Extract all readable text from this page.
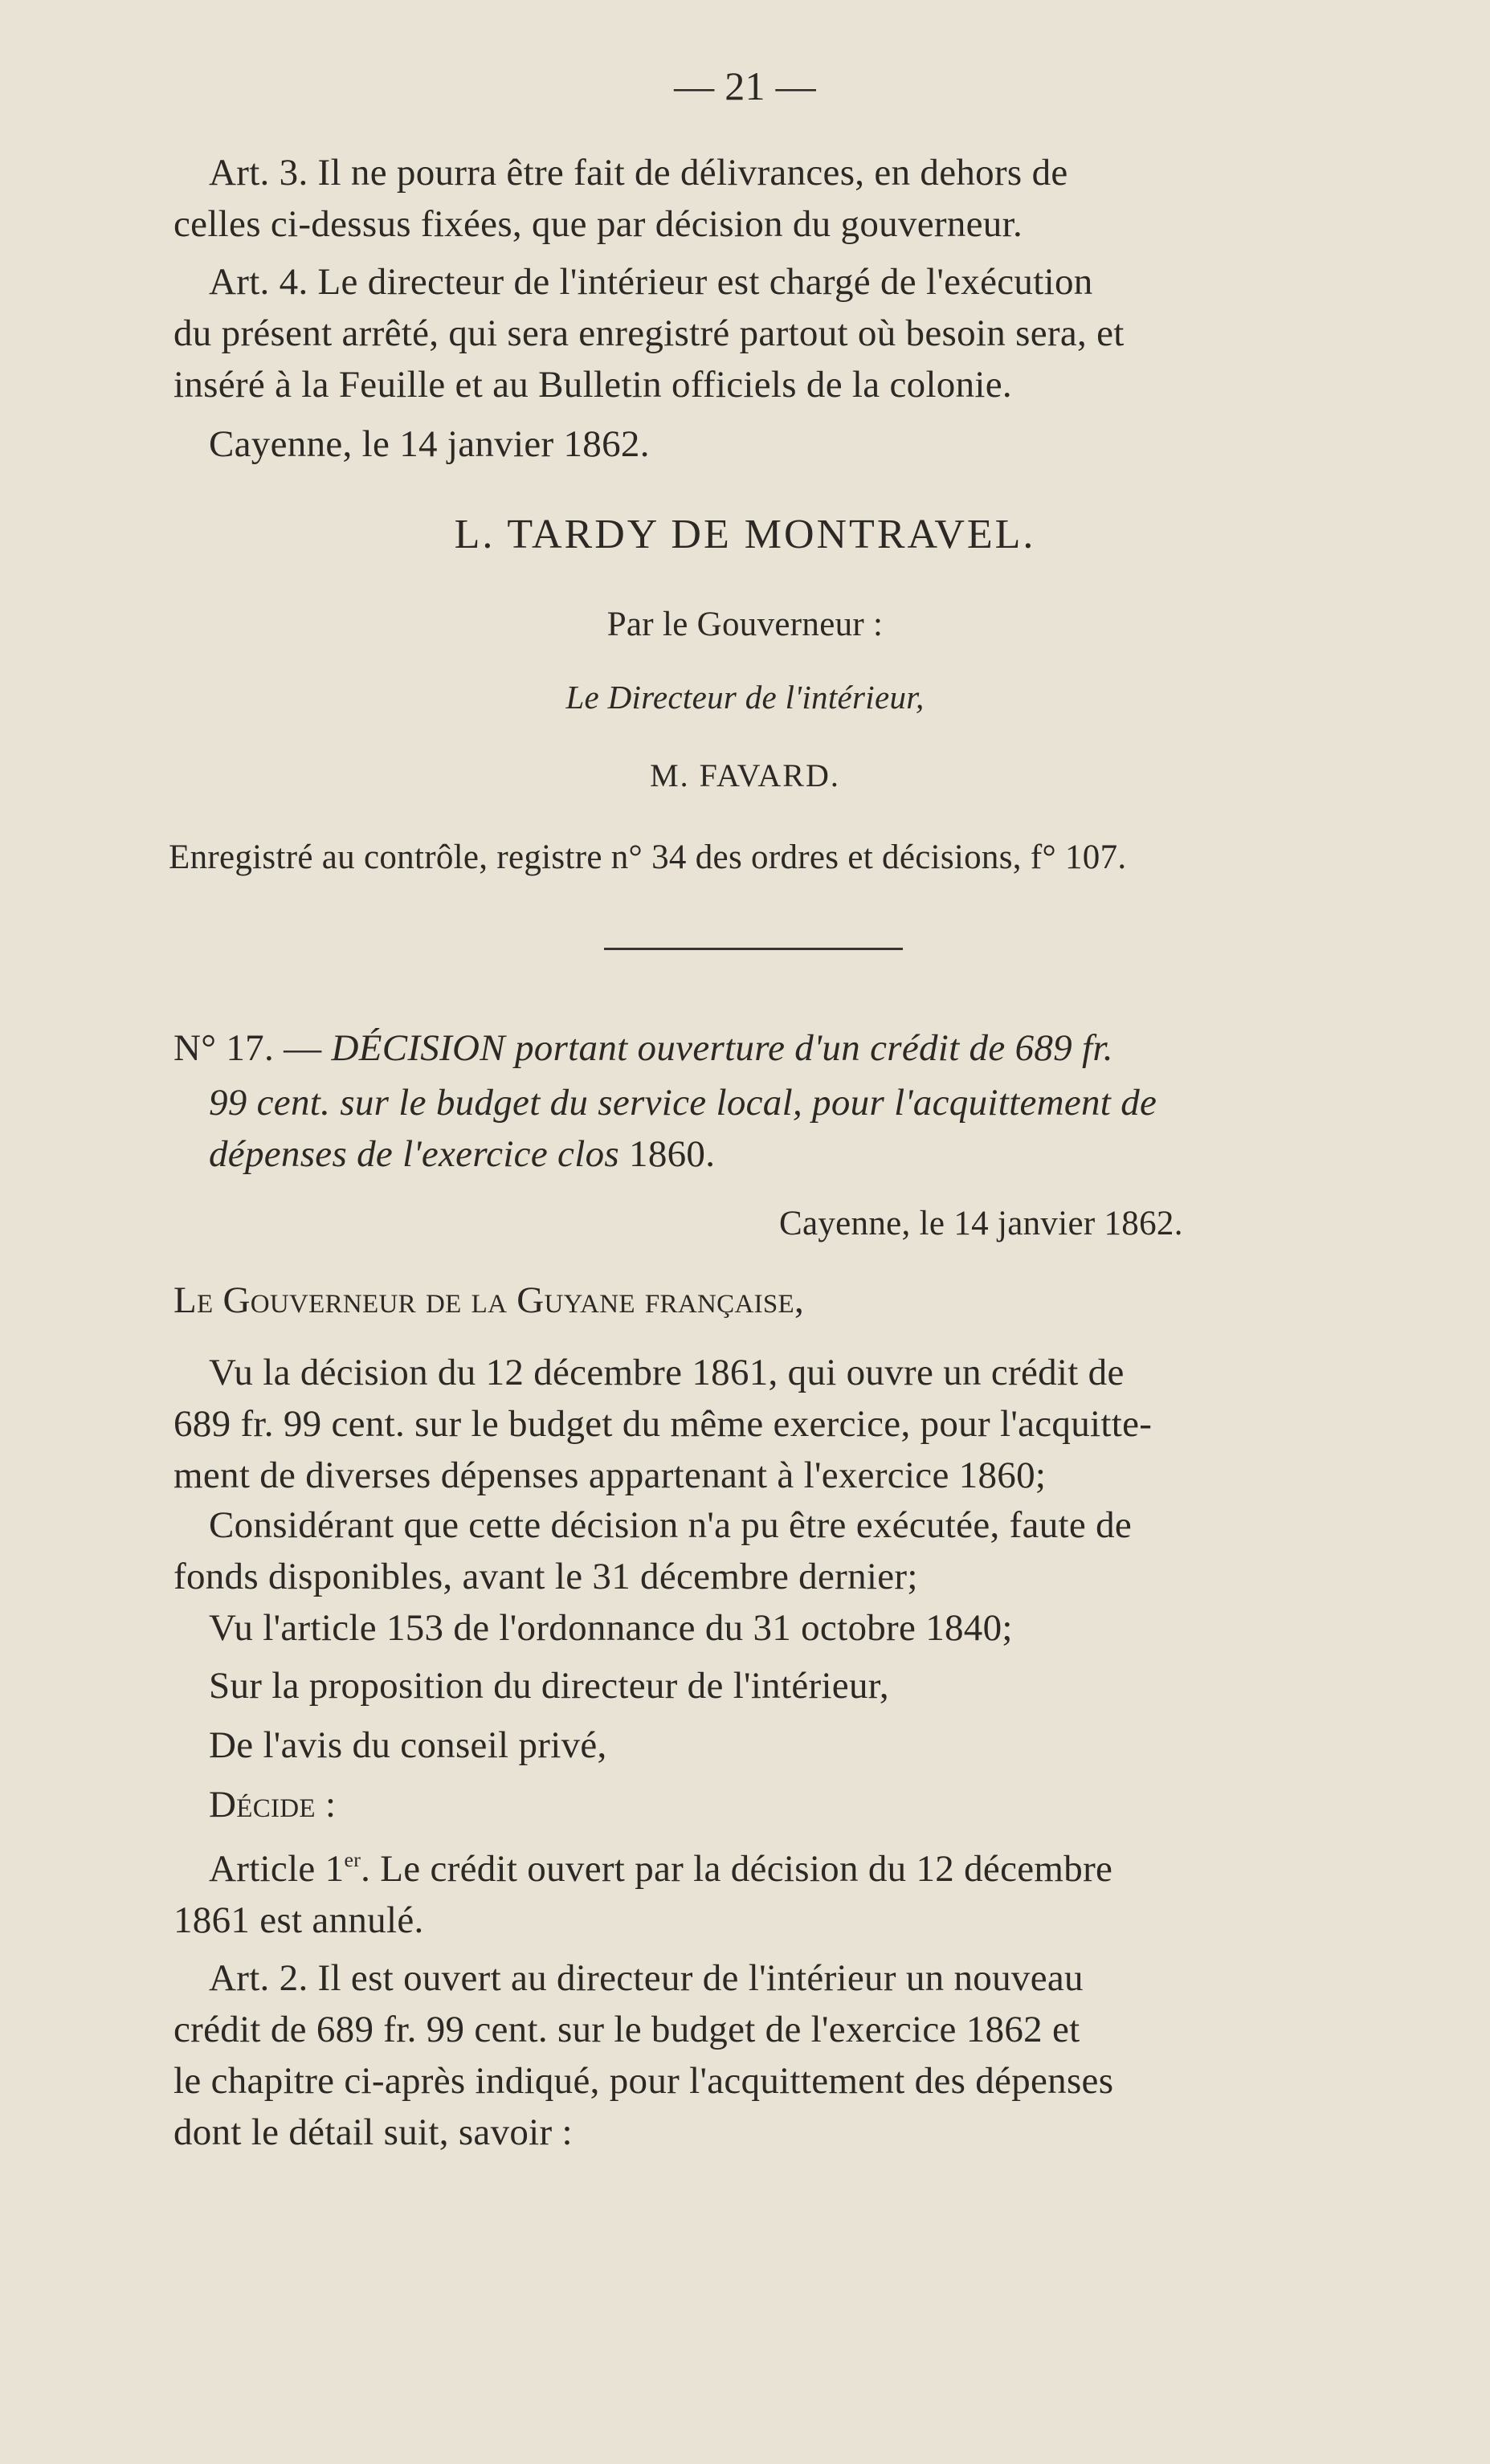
— 21 —
Art. 3. Il ne pourra être fait de délivrances, en dehors de
celles ci-dessus fixées, que par décision du gouverneur.
Art. 4. Le directeur de l'intérieur est chargé de l'exécution
du présent arrêté, qui sera enregistré partout où besoin sera, et
inséré à la Feuille et au Bulletin officiels de la colonie.
Cayenne, le 14 janvier 1862.
L. TARDY DE MONTRAVEL.
Par le Gouverneur :
Le Directeur de l'intérieur,
M. FAVARD.
Enregistré au contrôle, registre n° 34 des ordres et décisions, f° 107.
N° 17. — DÉCISION portant ouverture d'un crédit de 689 fr.
99 cent. sur le budget du service local, pour l'acquittement de
dépenses de l'exercice clos 1860.
Cayenne, le 14 janvier 1862.
Le Gouverneur de la Guyane française,
Vu la décision du 12 décembre 1861, qui ouvre un crédit de
689 fr. 99 cent. sur le budget du même exercice, pour l'acquitte-
ment de diverses dépenses appartenant à l'exercice 1860;
Considérant que cette décision n'a pu être exécutée, faute de
fonds disponibles, avant le 31 décembre dernier;
Vu l'article 153 de l'ordonnance du 31 octobre 1840;
Sur la proposition du directeur de l'intérieur,
De l'avis du conseil privé,
Décide :
Article 1er. Le crédit ouvert par la décision du 12 décembre
1861 est annulé.
Art. 2. Il est ouvert au directeur de l'intérieur un nouveau
crédit de 689 fr. 99 cent. sur le budget de l'exercice 1862 et
le chapitre ci-après indiqué, pour l'acquittement des dépenses
dont le détail suit, savoir :
